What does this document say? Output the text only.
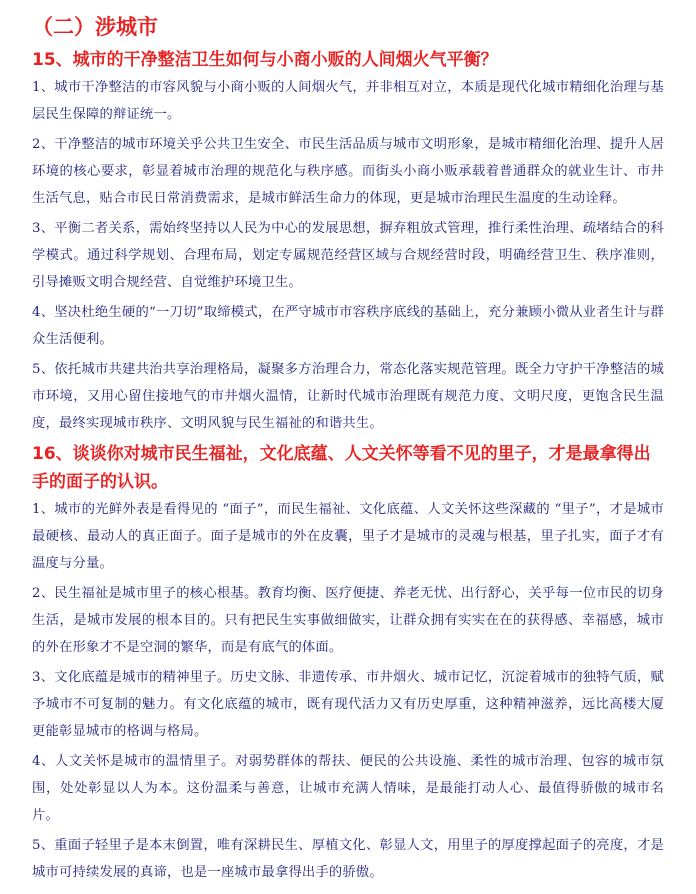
（二）涉城市
15、城市的干净整洁卫生如何与小商小贩的人间烟火气平衡？

1、城市干净整洁的市容风貌与小商小贩的人间烟火气，并非相互对立，本质是现代化城市精细化治理与基层民生保障的辩证统一。

2、干净整洁的城市环境关乎公共卫生安全、市民生活品质与城市文明形象，是城市精细化治理、提升人居环境的核心要求，彰显着城市治理的规范化与秩序感。而街头小商小贩承载着普通群众的就业生计、市井生活气息，贴合市民日常消费需求，是城市鲜活生命力的体现，更是城市治理民生温度的生动诠释。

3、平衡二者关系，需始终坚持以人民为中心的发展思想，摒弃粗放式管理，推行柔性治理、疏堵结合的科学模式。通过科学规划、合理布局，划定专属规范经营区域与合规经营时段，明确经营卫生、秩序准则，引导摊贩文明合规经营、自觉维护环境卫生。

4、坚决杜绝生硬的“一刀切”取缔模式，在严守城市市容秩序底线的基础上，充分兼顾小微从业者生计与群众生活便利。

5、依托城市共建共治共享治理格局，凝聚多方治理合力，常态化落实规范管理。既全力守护干净整洁的城市环境，又用心留住接地气的市井烟火温情，让新时代城市治理既有规范力度、文明尺度，更饱含民生温度，最终实现城市秩序、文明风貌与民生福祉的和谐共生。

16、谈谈你对城市民生福祉，文化底蕴、人文关怀等看不见的里子，才是最拿得出手的面子的认识。

1、城市的光鲜外表是看得见的 “面子”，而民生福祉、文化底蕴、人文关怀这些深藏的 “里子”，才是城市最硬核、最动人的真正面子。面子是城市的外在皮囊，里子才是城市的灵魂与根基，里子扎实，面子才有温度与分量。

2、民生福祉是城市里子的核心根基。教育均衡、医疗便捷、养老无忧、出行舒心，关乎每一位市民的切身生活，是城市发展的根本目的。只有把民生实事做细做实，让群众拥有实实在在的获得感、幸福感，城市的外在形象才不是空洞的繁华，而是有底气的体面。

3、文化底蕴是城市的精神里子。历史文脉、非遗传承、市井烟火、城市记忆，沉淀着城市的独特气质，赋予城市不可复制的魅力。有文化底蕴的城市，既有现代活力又有历史厚重，这种精神滋养，远比高楼大厦更能彰显城市的格调与格局。

4、人文关怀是城市的温情里子。对弱势群体的帮扶、便民的公共设施、柔性的城市治理、包容的城市氛围，处处彰显以人为本。这份温柔与善意，让城市充满人情味，是最能打动人心、最值得骄傲的城市名片。

5、重面子轻里子是本末倒置，唯有深耕民生、厚植文化、彰显人文，用里子的厚度撑起面子的亮度，才是城市可持续发展的真谛，也是一座城市最拿得出手的骄傲。
